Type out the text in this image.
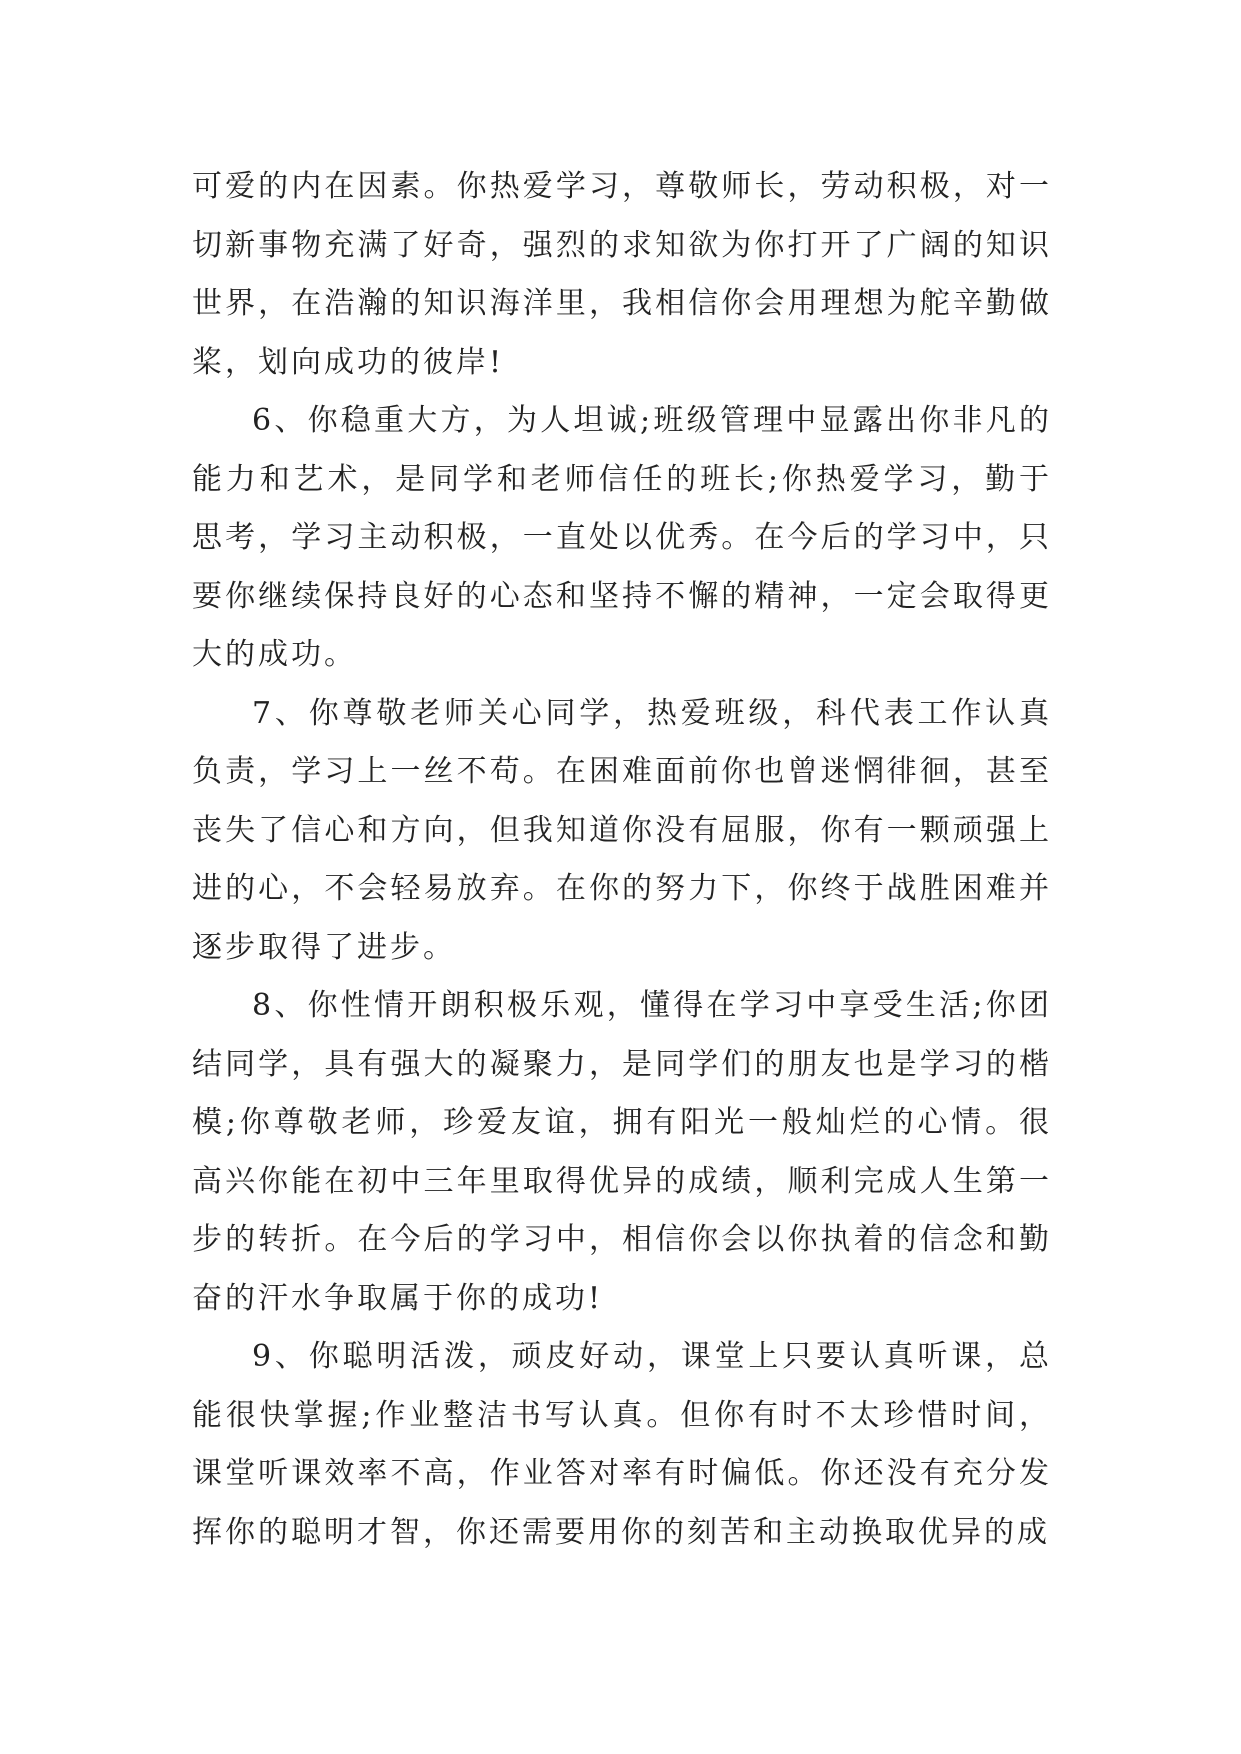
可爱的内在因素。你热爱学习，尊敬师长，劳动积极，对一切新事物充满了好奇，强烈的求知欲为你打开了广阔的知识世界，在浩瀚的知识海洋里，我相信你会用理想为舵辛勤做桨，划向成功的彼岸!

6、你稳重大方，为人坦诚;班级管理中显露出你非凡的能力和艺术，是同学和老师信任的班长;你热爱学习，勤于思考，学习主动积极，一直处以优秀。在今后的学习中，只要你继续保持良好的心态和坚持不懈的精神，一定会取得更大的成功。

7、你尊敬老师关心同学，热爱班级，科代表工作认真负责，学习上一丝不苟。在困难面前你也曾迷惘徘徊，甚至丧失了信心和方向，但我知道你没有屈服，你有一颗顽强上进的心，不会轻易放弃。在你的努力下，你终于战胜困难并逐步取得了进步。

8、你性情开朗积极乐观，懂得在学习中享受生活;你团结同学，具有强大的凝聚力，是同学们的朋友也是学习的楷模;你尊敬老师，珍爱友谊，拥有阳光一般灿烂的心情。很高兴你能在初中三年里取得优异的成绩，顺利完成人生第一步的转折。在今后的学习中，相信你会以你执着的信念和勤奋的汗水争取属于你的成功!

9、你聪明活泼，顽皮好动，课堂上只要认真听课，总能很快掌握;作业整洁书写认真。但你有时不太珍惜时间，课堂听课效率不高，作业答对率有时偏低。你还没有充分发挥你的聪明才智，你还需要用你的刻苦和主动换取优异的成
